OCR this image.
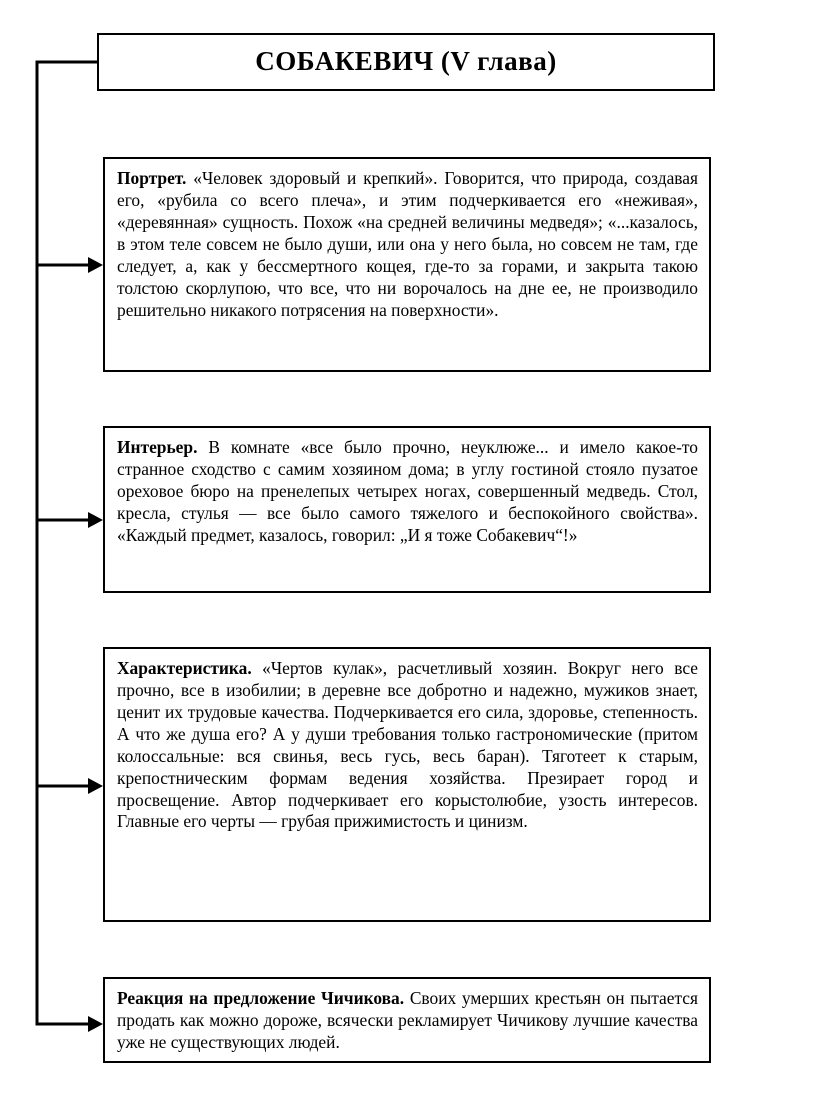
СОБАКЕВИЧ (V глава)

Портрет. «Человек здоровый и крепкий». Говорится, что природа, создавая его, «рубила со всего плеча», и этим подчеркивается его «неживая», «деревянная» сущность. Похож «на средней величины медведя»; «...казалось, в этом теле совсем не было души, или она у него была, но совсем не там, где следует, а, как у бессмертного кощея, где-то за горами, и закрыта такою толстою скорлупою, что все, что ни ворочалось на дне ее, не производило решительно никакого потрясения на поверхности».

Интерьер. В комнате «все было прочно, неуклюже... и имело какое-то странное сходство с самим хозяином дома; в углу гостиной стояло пузатое ореховое бюро на пренелепых четырех ногах, совершенный медведь. Стол, кресла, стулья — все было самого тяжелого и беспокойного свойства». «Каждый предмет, казалось, говорил: „И я тоже Собакевич“!»

Характеристика. «Чертов кулак», расчетливый хозяин. Вокруг него все прочно, все в изобилии; в деревне все добротно и надежно, мужиков знает, ценит их трудовые качества. Подчеркивается его сила, здоровье, степенность. А что же душа его? А у души требования только гастрономические (притом колоссальные: вся свинья, весь гусь, весь баран). Тяготеет к старым, крепостническим формам ведения хозяйства. Презирает город и просвещение. Автор подчеркивает его корыстолюбие, узость интересов. Главные его черты — грубая прижимистость и цинизм.

Реакция на предложение Чичикова. Своих умерших крестьян он пытается продать как можно дороже, всячески рекламирует Чичикову лучшие качества уже не существующих людей.
